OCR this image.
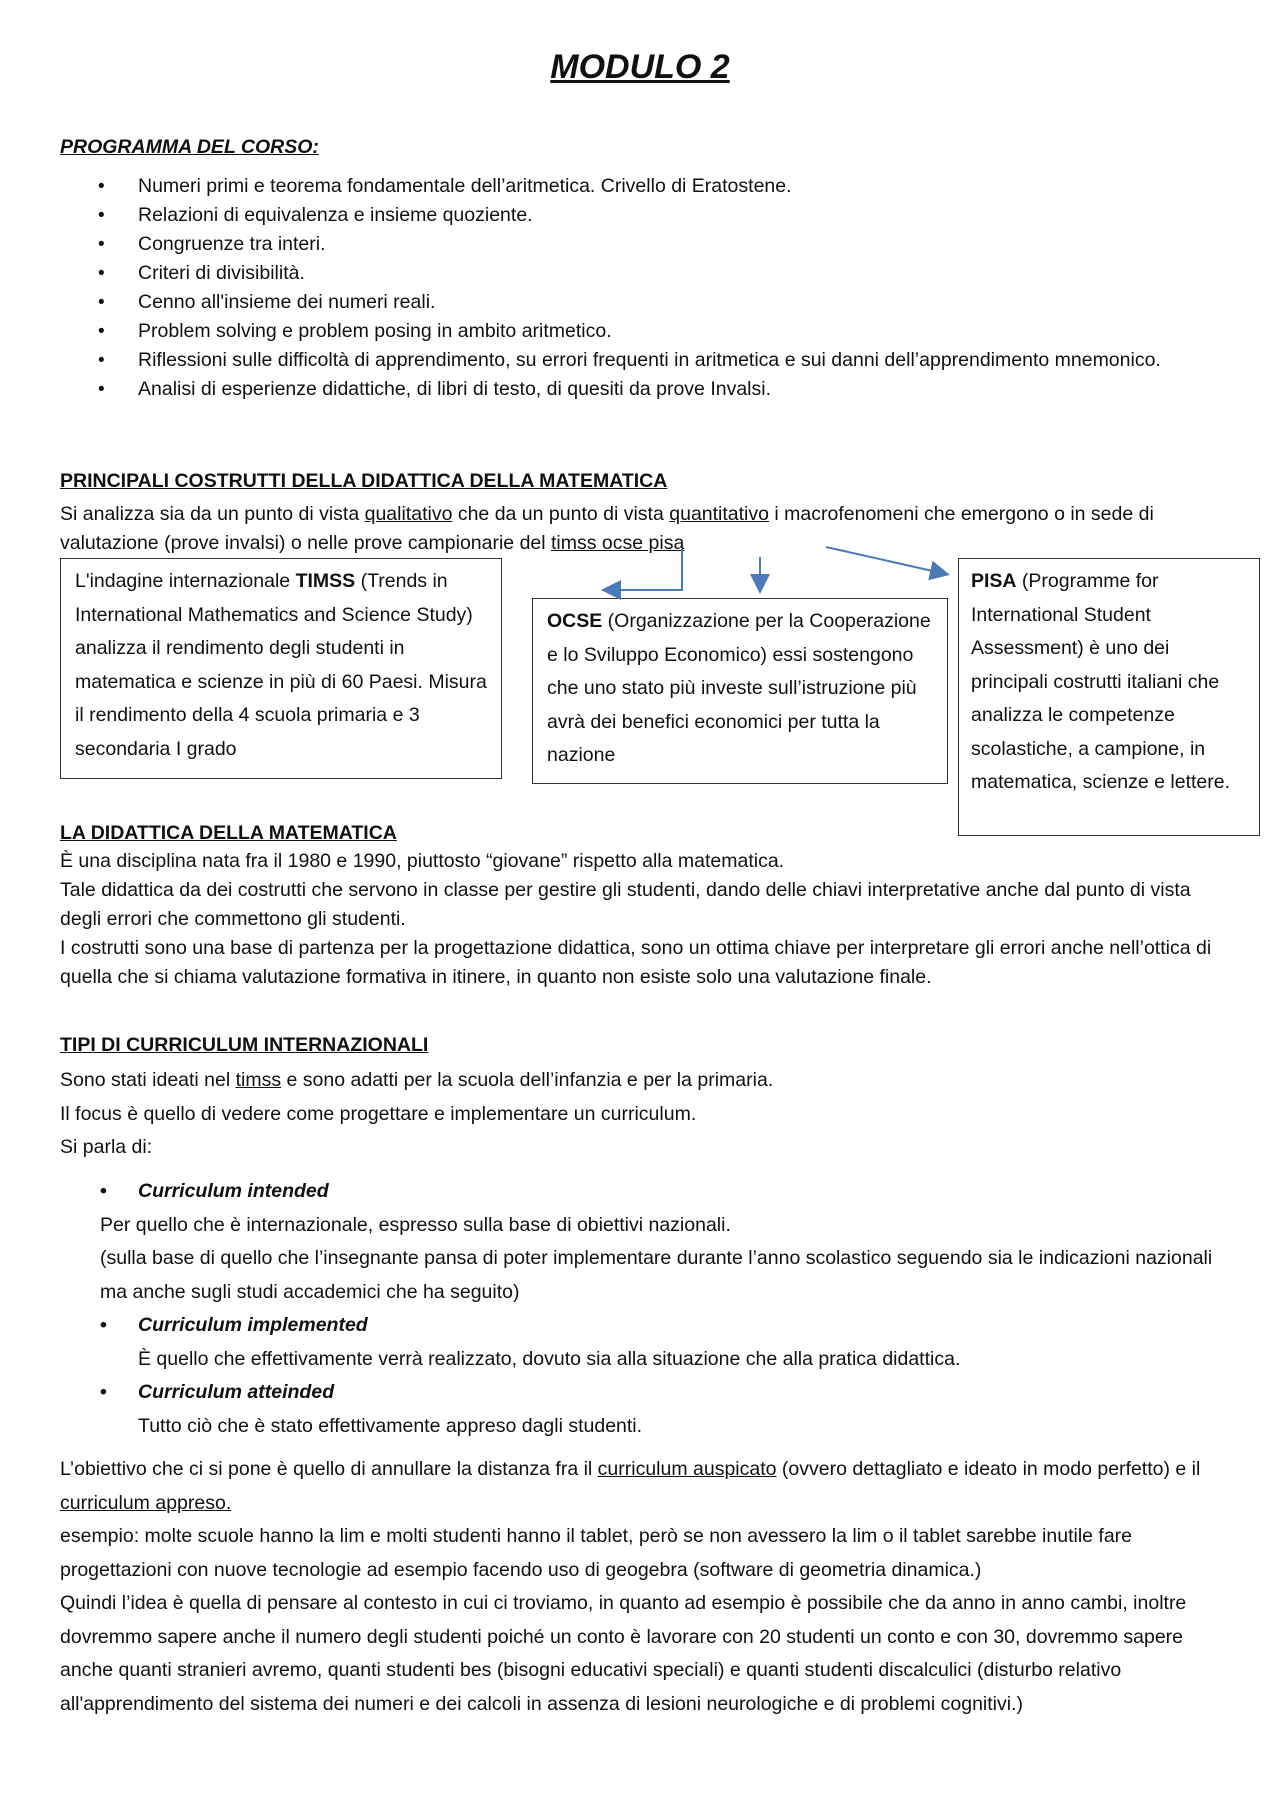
MODULO 2
PROGRAMMA DEL CORSO:
• Numeri primi e teorema fondamentale dell’aritmetica. Crivello di Eratostene.
• Relazioni di equivalenza e insieme quoziente.
• Congruenze tra interi.
• Criteri di divisibilità.
• Cenno all'insieme dei numeri reali.
• Problem solving e problem posing in ambito aritmetico.
• Riflessioni sulle difficoltà di apprendimento, su errori frequenti in aritmetica e sui danni dell’apprendimento mnemonico.
• Analisi di esperienze didattiche, di libri di testo, di quesiti da prove Invalsi.
PRINCIPALI COSTRUTTI DELLA DIDATTICA DELLA MATEMATICA

Si analizza sia da un punto di vista qualitativo che da un punto di vista quantitativo i macrofenomeni che emergono o in sede di valutazione (prove invalsi) o nelle prove campionarie del timss ocse pisa

L'indagine internazionale TIMSS (Trends in International Mathematics and Science Study) analizza il rendimento degli studenti in matematica e scienze in più di 60 Paesi. Misura il rendimento della 4 scuola primaria e 3 secondaria I grado
OCSE (Organizzazione per la Cooperazione e lo Sviluppo Economico) essi sostengono che uno stato più investe sull’istruzione più avrà dei benefici economici per tutta la nazione
PISA (Programme for International Student Assessment) è uno dei principali costrutti italiani che analizza le competenze scolastiche, a campione, in matematica, scienze e lettere.
LA DIDATTICA DELLA MATEMATICA

È una disciplina nata fra il 1980 e 1990, piuttosto “giovane” rispetto alla matematica.

Tale didattica da dei costrutti che servono in classe per gestire gli studenti, dando delle chiavi interpretative anche dal punto di vista degli errori che commettono gli studenti.

I costrutti sono una base di partenza per la progettazione didattica, sono un ottima chiave per interpretare gli errori anche nell’ottica di quella che si chiama valutazione formativa in itinere, in quanto non esiste solo una valutazione finale.

TIPI DI CURRICULUM INTERNAZIONALI

Sono stati ideati nel timss e sono adatti per la scuola dell’infanzia e per la primaria.
Il focus è quello di vedere come progettare e implementare un curriculum.
Si parla di:

• Curriculum intended
Per quello che è internazionale, espresso sulla base di obiettivi nazionali.
(sulla base di quello che l’insegnante pansa di poter implementare durante l’anno scolastico seguendo sia le indicazioni nazionali ma anche sugli studi accademici che ha seguito)
• Curriculum implemented
È quello che effettivamente verrà realizzato, dovuto sia alla situazione che alla pratica didattica.
• Curriculum atteinded
Tutto ciò che è stato effettivamente appreso dagli studenti.

L’obiettivo che ci si pone è quello di annullare la distanza fra il curriculum auspicato (ovvero dettagliato e ideato in modo perfetto) e il curriculum appreso.

esempio: molte scuole hanno la lim e molti studenti hanno il tablet, però se non avessero la lim o il tablet sarebbe inutile fare progettazioni con nuove tecnologie ad esempio facendo uso di geogebra (software di geometria dinamica.)

Quindi l’idea è quella di pensare al contesto in cui ci troviamo, in quanto ad esempio è possibile che da anno in anno cambi, inoltre dovremmo sapere anche il numero degli studenti poiché un conto è lavorare con 20 studenti un conto e con 30, dovremmo sapere anche quanti stranieri avremo, quanti studenti bes (bisogni educativi speciali) e quanti studenti discalculici (disturbo relativo all'apprendimento del sistema dei numeri e dei calcoli in assenza di lesioni neurologiche e di problemi cognitivi.)
